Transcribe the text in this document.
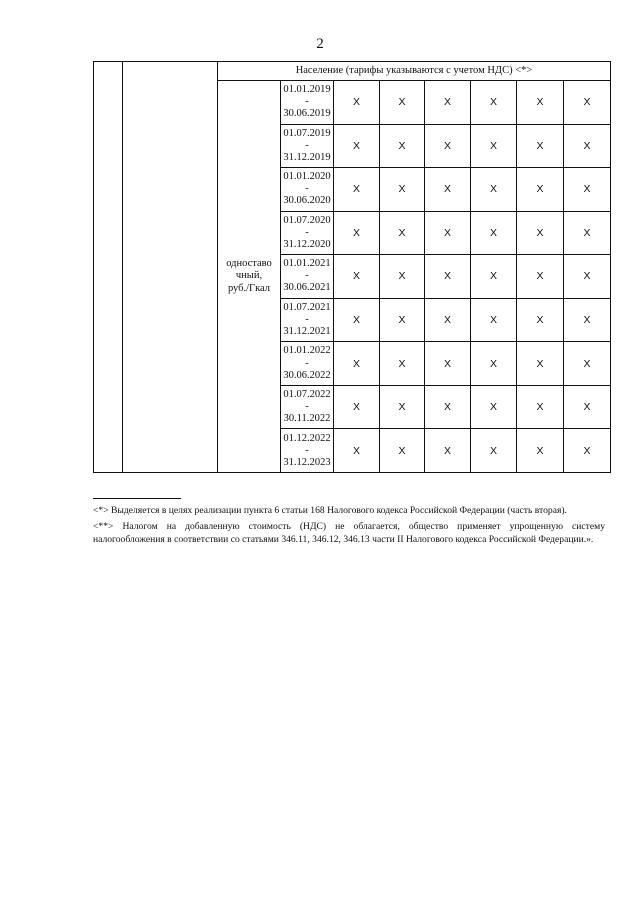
2
		Население (тарифы указываются с учетом НДС) <*>							

		одноставо
чный,
руб./Гкал	01.01.2019
-
30.06.2019	X	X	X	X	X	X

			01.07.2019
-
31.12.2019	X	X	X	X	X	X

			01.01.2020
-
30.06.2020	X	X	X	X	X	X

			01.07.2020
-
31.12.2020	X	X	X	X	X	X

			01.01.2021
-
30.06.2021	X	X	X	X	X	X

			01.07.2021
-
31.12.2021	X	X	X	X	X	X

			01.01.2022
-
30.06.2022	X	X	X	X	X	X

			01.07.2022
-
30.11.2022	X	X	X	X	X	X

			01.12.2022
-
31.12.2023	X	X	X	X	X	X

<*> Выделяется в целях реализации пункта 6 статьи 168 Налогового кодекса Российской Федерации (часть вторая).

<**> Налогом на добавленную стоимость (НДС) не облагается, общество применяет упрощенную систему налогообложения в соответствии со статьями 346.11, 346.12, 346.13 части II Налогового кодекса Российской Федерации.».
